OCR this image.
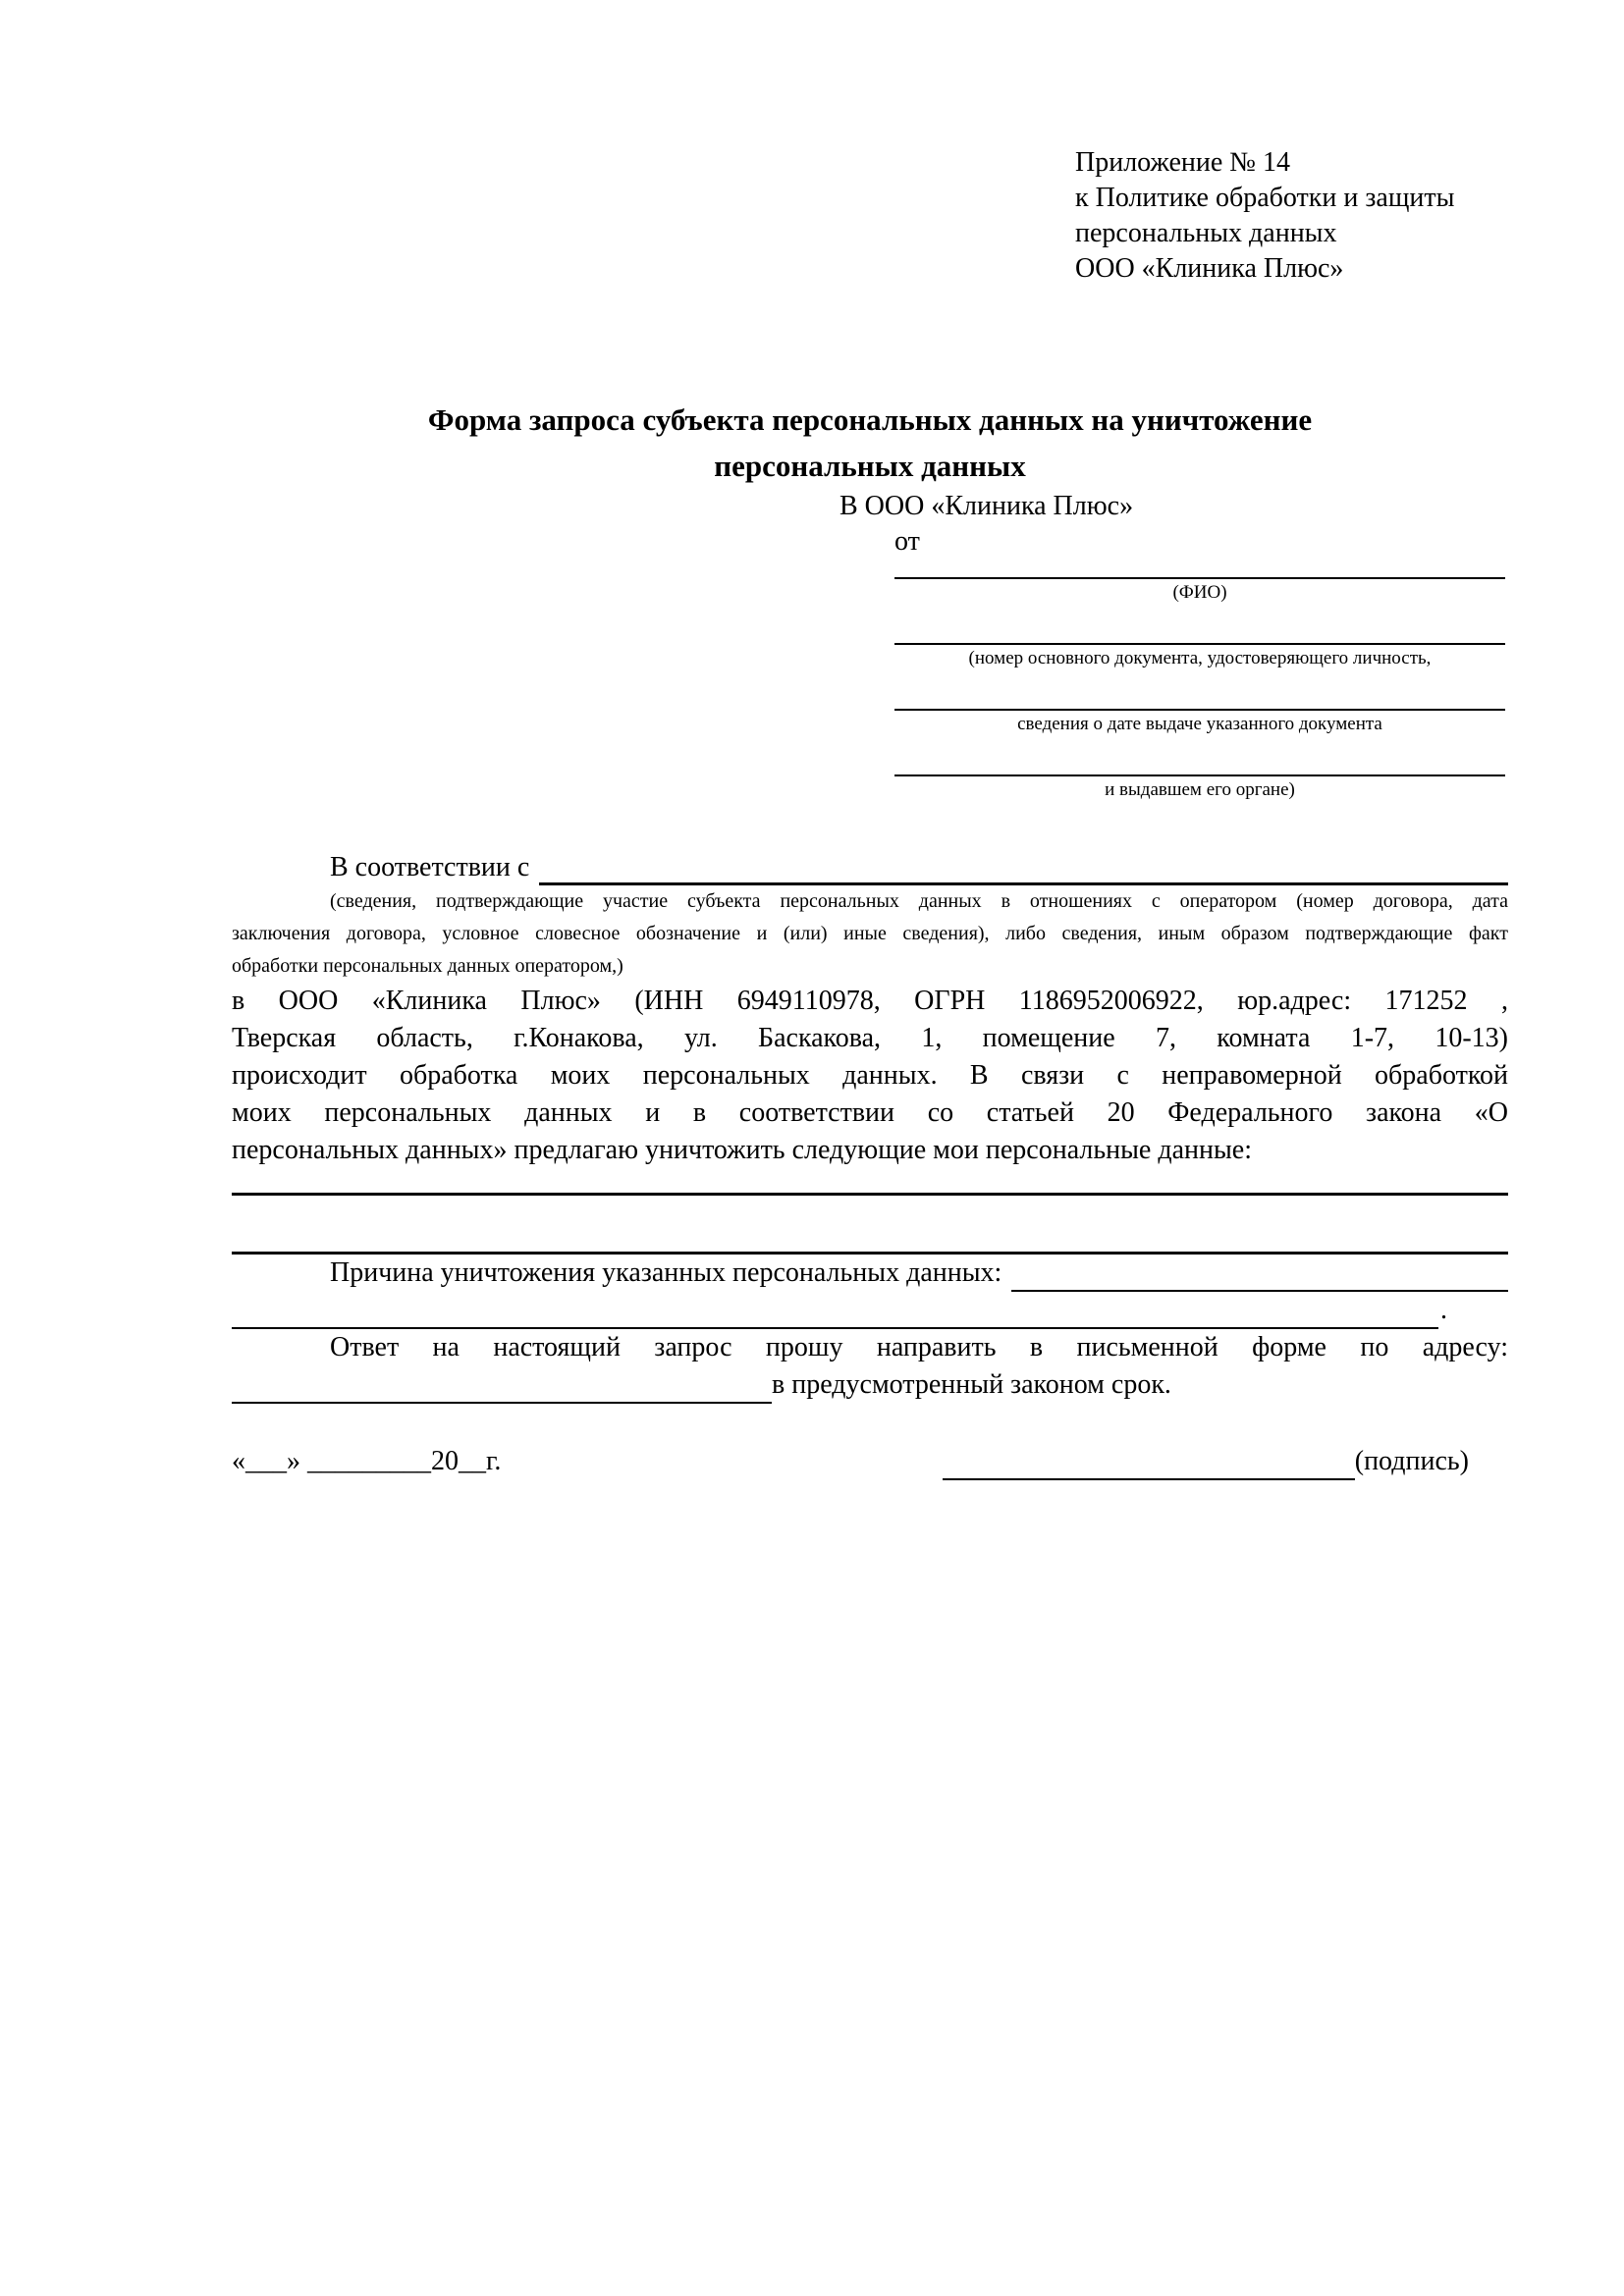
Приложение № 14
к Политике обработки и защиты
персональных данных
ООО «Клиника Плюс»
Форма запроса субъекта персональных данных на уничтожение
персональных данных
В ООО «Клиника Плюс»
от
(ФИО)
(номер основного документа, удостоверяющего личность,
сведения о дате выдаче указанного документа
и выдавшем его органе)
В соответствии с
(сведения, подтверждающие участие субъекта персональных данных в отношениях с оператором (номер договора, дата
заключения договора, условное словесное обозначение и (или) иные сведения), либо сведения, иным образом подтверждающие факт
обработки персональных данных оператором,)
в ООО «Клиника Плюс» (ИНН 6949110978, ОГРН 1186952006922, юр.адрес: 171252 ,
Тверская область, г.Конакова, ул. Баскакова, 1, помещение 7, комната 1-7, 10-13)
происходит обработка моих персональных данных. В связи с неправомерной обработкой
моих персональных данных и в соответствии со статьей 20 Федерального закона «О
персональных данных» предлагаю уничтожить следующие мои персональные данные:
Причина уничтожения указанных персональных данных:
.
Ответ на настоящий запрос прошу направить в письменной форме по адресу:
в предусмотренный законом срок.
«___» _________20__г.	(подпись)
